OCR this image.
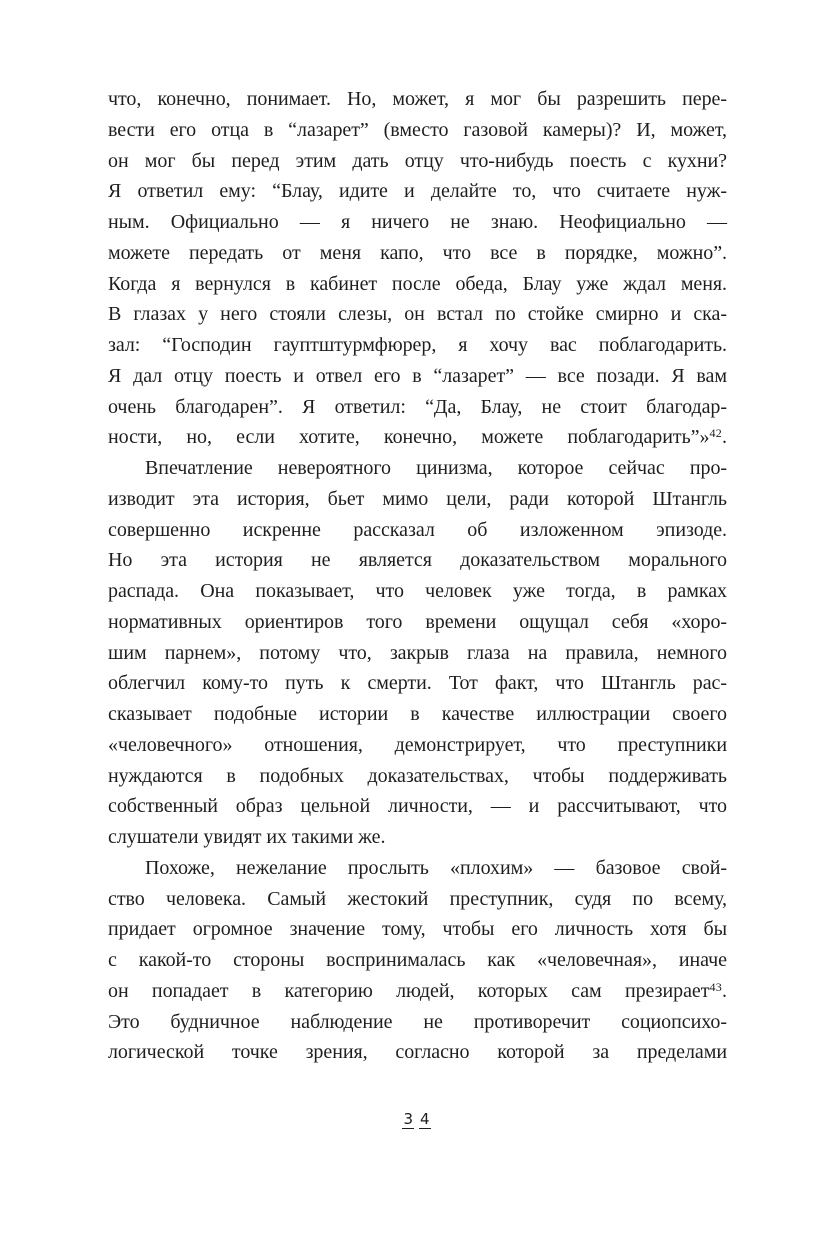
что, конечно, понимает. Но, может, я мог бы разрешить пере-
вести его отца в “лазарет” (вместо газовой камеры)? И, может,
он мог бы перед этим дать отцу что-нибудь поесть с кухни?
Я ответил ему: “Блау, идите и делайте то, что считаете нуж-
ным. Официально — я ничего не знаю. Неофициально —
можете передать от меня капо, что все в порядке, можно”.
Когда я вернулся в кабинет после обеда, Блау уже ждал меня.
В глазах у него стояли слезы, он встал по стойке смирно и ска-
зал: “Господин гауптштурмфюрер, я хочу вас поблагодарить.
Я дал отцу поесть и отвел его в “лазарет” — все позади. Я вам
очень благодарен”. Я ответил: “Да, Блау, не стоит благодар-
ности, но, если хотите, конечно, можете поблагодарить”»$^{42}$.
Впечатление невероятного цинизма, которое сейчас про-
изводит эта история, бьет мимо цели, ради которой Штангль
совершенно искренне рассказал об изложенном эпизоде.
Но эта история не является доказательством морального
распада. Она показывает, что человек уже тогда, в рамках
нормативных ориентиров того времени ощущал себя «хоро-
шим парнем», потому что, закрыв глаза на правила, немного
облегчил кому-то путь к смерти. Тот факт, что Штангль рас-
сказывает подобные истории в качестве иллюстрации своего
«человечного» отношения, демонстрирует, что преступники
нуждаются в подобных доказательствах, чтобы поддерживать
собственный образ цельной личности, — и рассчитывают, что
слушатели увидят их такими же.
Похоже, нежелание прослыть «плохим» — базовое свой-
ство человека. Самый жестокий преступник, судя по всему,
придает огромное значение тому, чтобы его личность хотя бы
с какой-то стороны воспринималась как «человечная», иначе
он попадает в категорию людей, которых сам презирает$^{43}$.
Это будничное наблюдение не противоречит социопсихо-
логической точке зрения, согласно которой за пределами
3 4
